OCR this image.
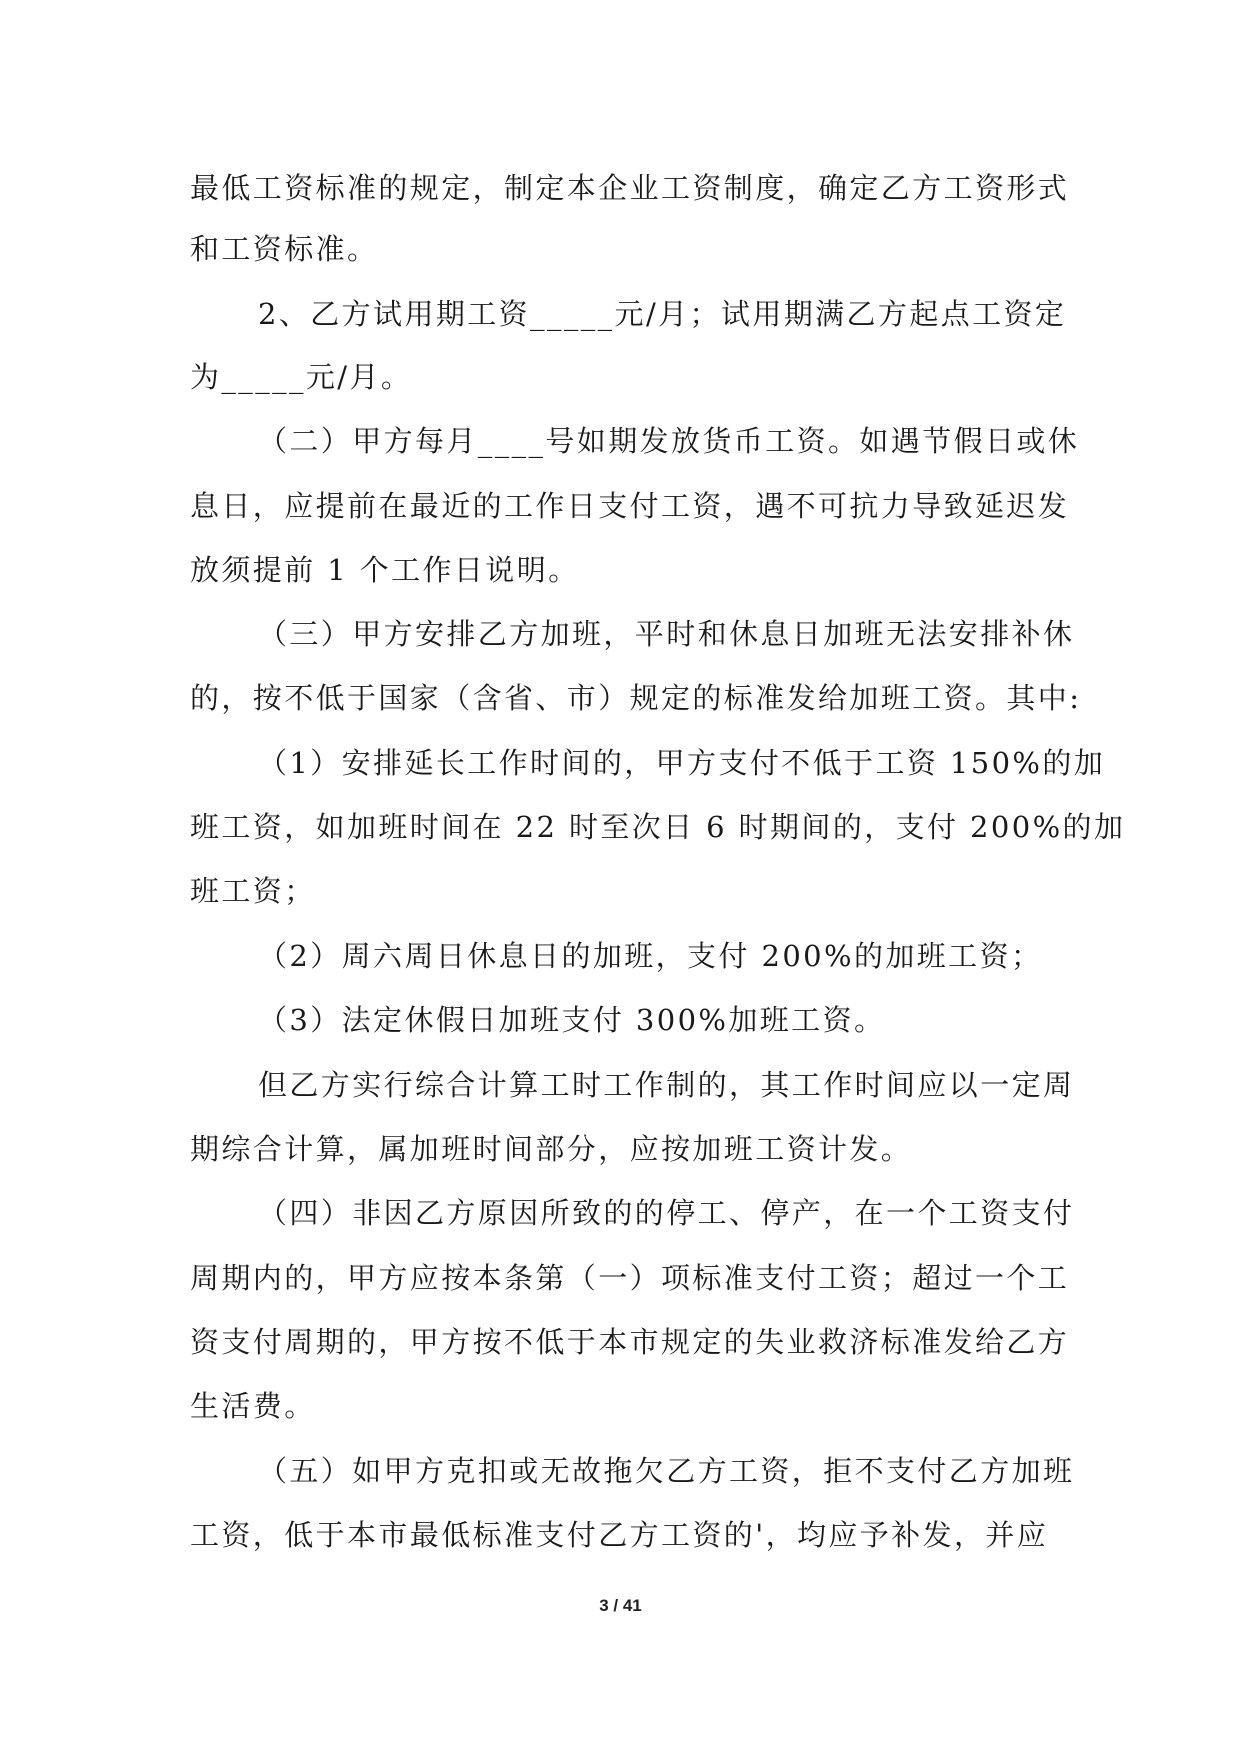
最低工资标准的规定，制定本企业工资制度，确定乙方工资形式
和工资标准。
2、乙方试用期工资_____元/月；试用期满乙方起点工资定
为_____元/月。
（二）甲方每月____号如期发放货币工资。如遇节假日或休
息日，应提前在最近的工作日支付工资，遇不可抗力导致延迟发
放须提前 1 个工作日说明。
（三）甲方安排乙方加班，平时和休息日加班无法安排补休
的，按不低于国家（含省、市）规定的标准发给加班工资。其中:
（1）安排延长工作时间的，甲方支付不低于工资 150%的加
班工资，如加班时间在 22 时至次日 6 时期间的，支付 200%的加
班工资；
（2）周六周日休息日的加班，支付 200%的加班工资；
（3）法定休假日加班支付 300%加班工资。
但乙方实行综合计算工时工作制的，其工作时间应以一定周
期综合计算，属加班时间部分，应按加班工资计发。
（四）非因乙方原因所致的的停工、停产，在一个工资支付
周期内的，甲方应按本条第（一）项标准支付工资；超过一个工
资支付周期的，甲方按不低于本市规定的失业救济标准发给乙方
生活费。
（五）如甲方克扣或无故拖欠乙方工资，拒不支付乙方加班
工资，低于本市最低标准支付乙方工资的'，均应予补发，并应
3 / 41
